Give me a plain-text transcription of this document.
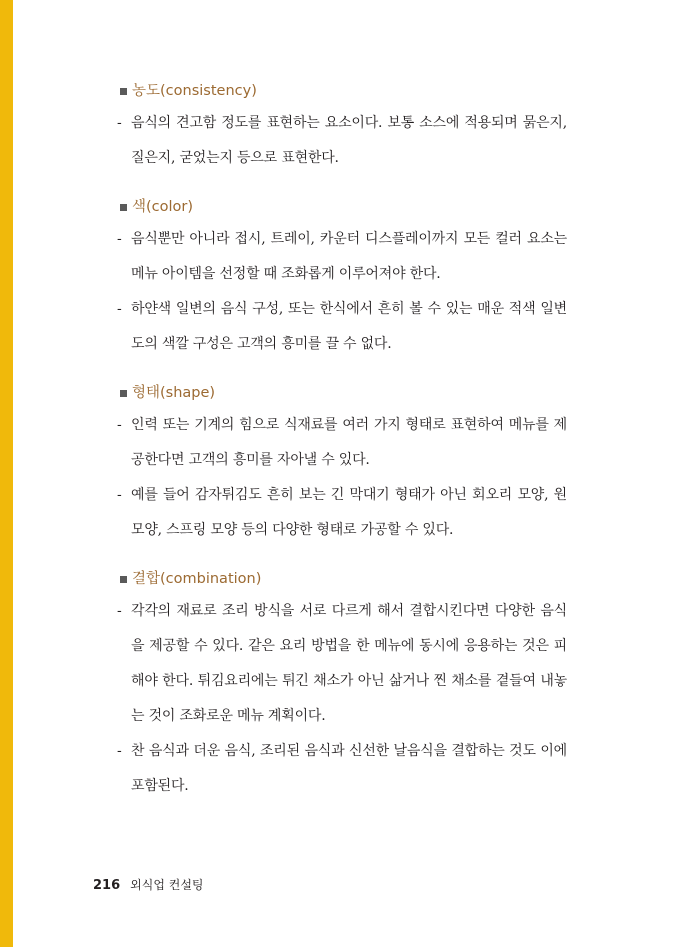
농도(consistency)
- 음식의 견고함 정도를 표현하는 요소이다. 보통 소스에 적용되며 묽은지, 질은지, 굳었는지 등으로 표현한다.
색(color)
- 음식뿐만 아니라 접시, 트레이, 카운터 디스플레이까지 모든 컬러 요소는 메뉴 아이템을 선정할 때 조화롭게 이루어져야 한다.
- 하얀색 일변의 음식 구성, 또는 한식에서 흔히 볼 수 있는 매운 적색 일변도의 색깔 구성은 고객의 흥미를 끌 수 없다.
형태(shape)
- 인력 또는 기계의 힘으로 식재료를 여러 가지 형태로 표현하여 메뉴를 제공한다면 고객의 흥미를 자아낼 수 있다.
- 예를 들어 감자튀김도 흔히 보는 긴 막대기 형태가 아닌 회오리 모양, 원 모양, 스프링 모양 등의 다양한 형태로 가공할 수 있다.
결합(combination)
- 각각의 재료로 조리 방식을 서로 다르게 해서 결합시킨다면 다양한 음식을 제공할 수 있다. 같은 요리 방법을 한 메뉴에 동시에 응용하는 것은 피해야 한다. 튀김요리에는 튀긴 채소가 아닌 삶거나 찐 채소를 곁들여 내놓는 것이 조화로운 메뉴 계획이다.
- 찬 음식과 더운 음식, 조리된 음식과 신선한 날음식을 결합하는 것도 이에 포함된다.
216 외식업 컨설팅
